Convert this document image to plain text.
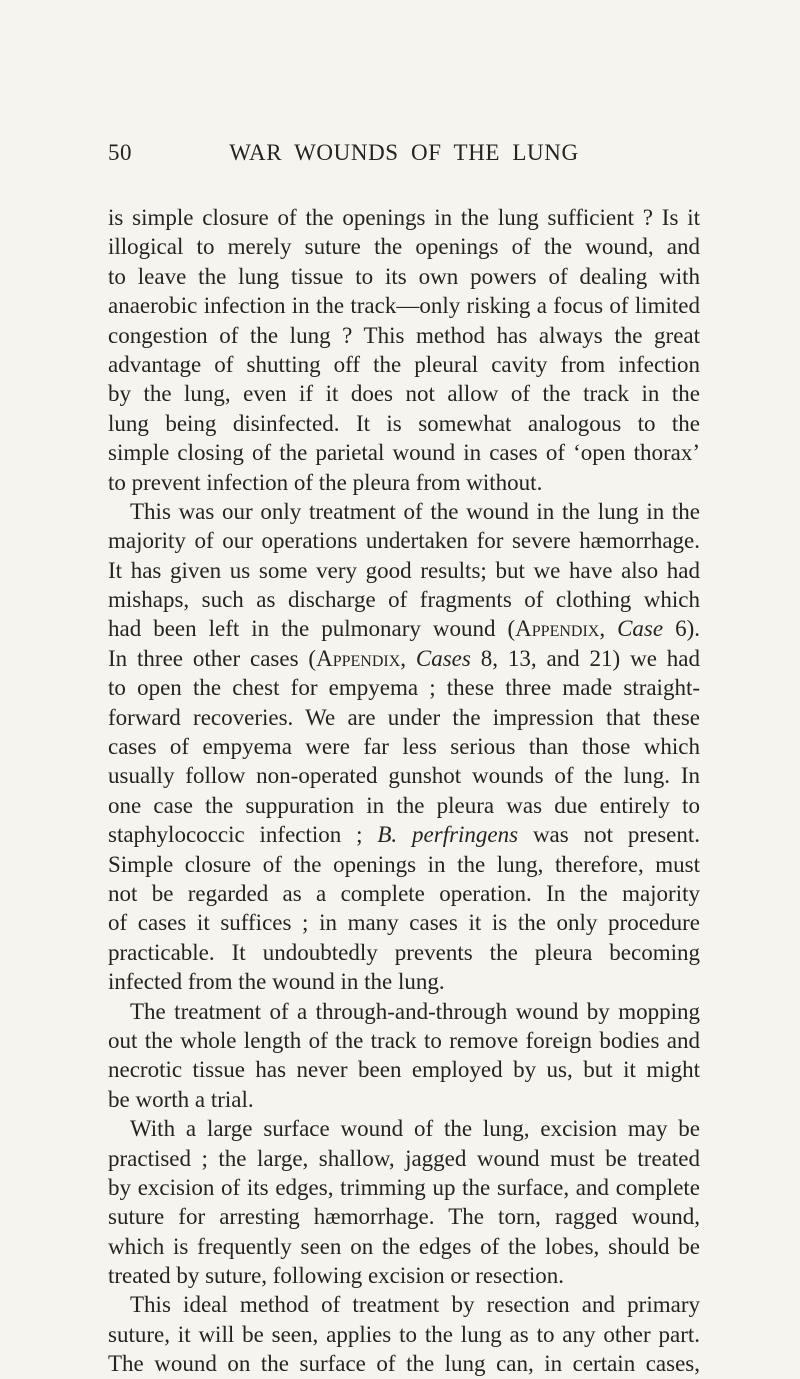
50	WAR WOUNDS OF THE LUNG
is simple closure of the openings in the lung sufficient ? Is it
illogical to merely suture the openings of the wound, and
to leave the lung tissue to its own powers of dealing with
anaerobic infection in the track—only risking a focus of limited
congestion of the lung ? This method has always the great
advantage of shutting off the pleural cavity from infection
by the lung, even if it does not allow of the track in the
lung being disinfected. It is somewhat analogous to the
simple closing of the parietal wound in cases of ‘open thorax’
to prevent infection of the pleura from without.
This was our only treatment of the wound in the lung in the
majority of our operations undertaken for severe hæmorrhage.
It has given us some very good results; but we have also had
mishaps, such as discharge of fragments of clothing which
had been left in the pulmonary wound (Appendix, Case 6).
In three other cases (Appendix, Cases 8, 13, and 21) we had
to open the chest for empyema ; these three made straight-
forward recoveries. We are under the impression that these
cases of empyema were far less serious than those which
usually follow non-operated gunshot wounds of the lung. In
one case the suppuration in the pleura was due entirely to
staphylococcic infection ; B. perfringens was not present.
Simple closure of the openings in the lung, therefore, must
not be regarded as a complete operation. In the majority
of cases it suffices ; in many cases it is the only procedure
practicable. It undoubtedly prevents the pleura becoming
infected from the wound in the lung.
The treatment of a through-and-through wound by mopping
out the whole length of the track to remove foreign bodies and
necrotic tissue has never been employed by us, but it might
be worth a trial.
With a large surface wound of the lung, excision may be
practised ; the large, shallow, jagged wound must be treated
by excision of its edges, trimming up the surface, and complete
suture for arresting hæmorrhage. The torn, ragged wound,
which is frequently seen on the edges of the lobes, should be
treated by suture, following excision or resection.
This ideal method of treatment by resection and primary
suture, it will be seen, applies to the lung as to any other part.
The wound on the surface of the lung can, in certain cases,
